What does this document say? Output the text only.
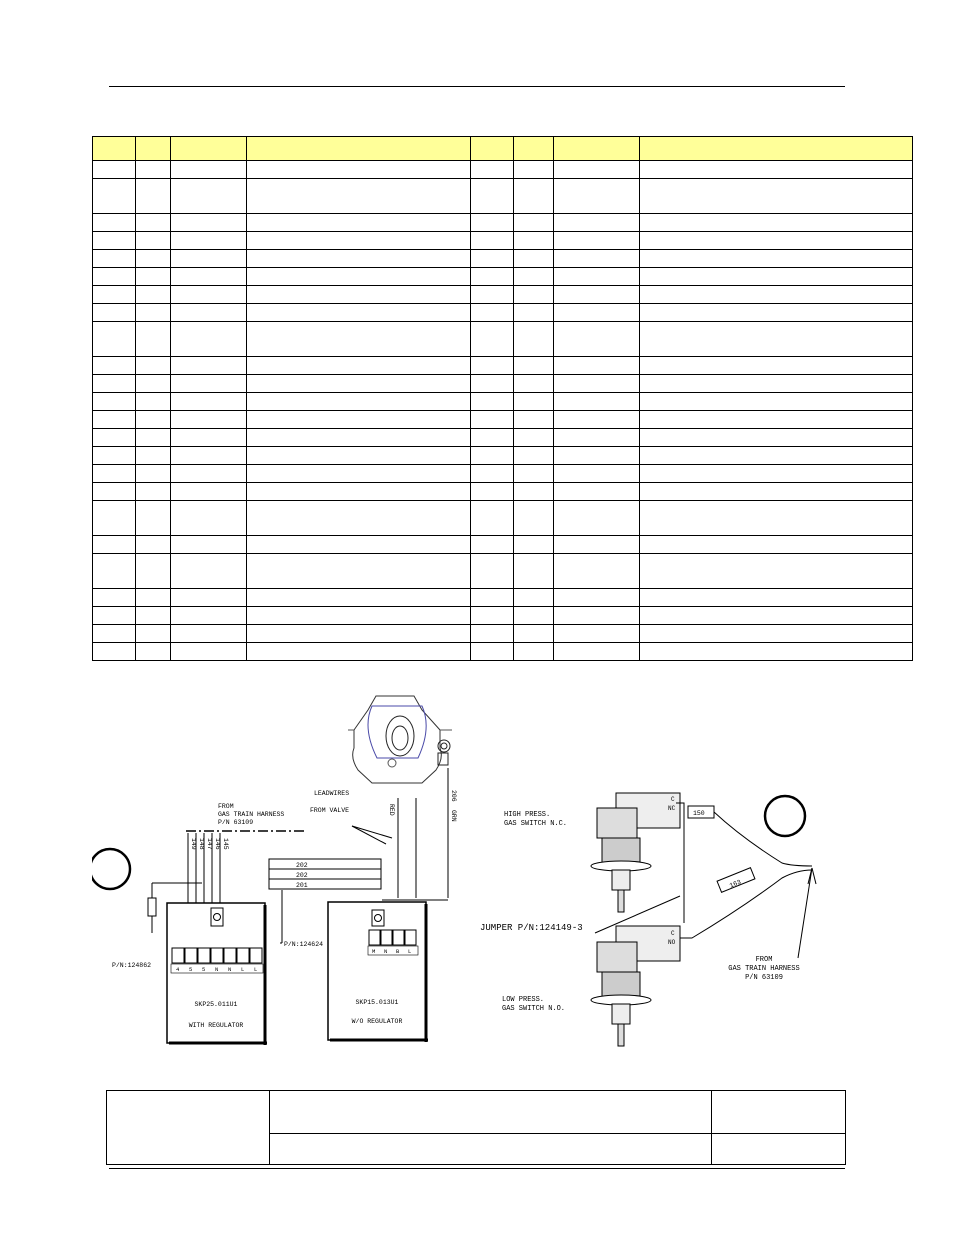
FROM
GAS TRAIN HARNESS
P/N 63109
LEADWIRES
FROM VALVE	RED
206
GRN
149 148 147 146 145
202
202
201
P/N:124624
P/N:124862
4 5 5 N N L L
SKP25.011U1
WITH REGULATOR
M N B L
SKP15.013U1
W/O REGULATOR
HIGH PRESS.
GAS SWITCH N.C.
C
NC
150
163
JUMPER P/N:124149-3
C
NO
LOW PRESS.
GAS SWITCH N.O.
FROM
GAS TRAIN HARNESS
P/N 63109
